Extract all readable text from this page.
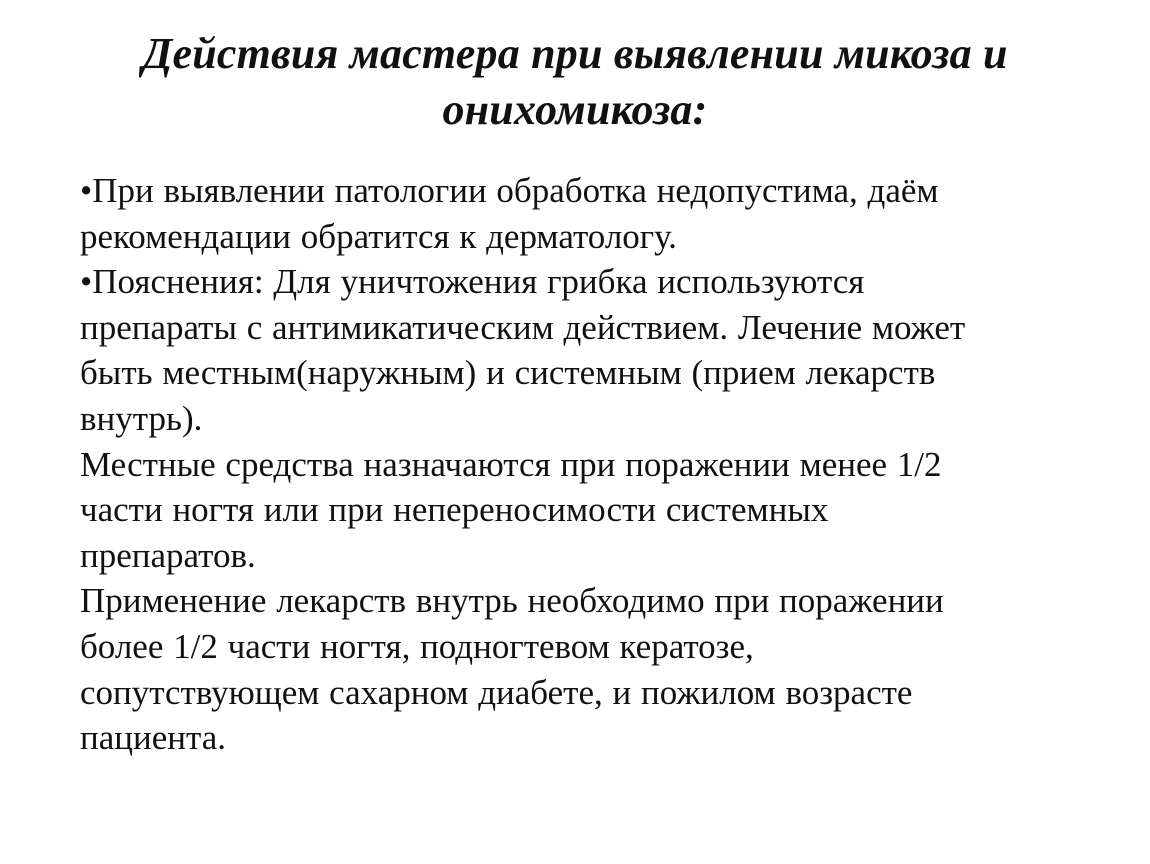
Действия мастера при выявлении микоза и
онихомикоза:
•При выявлении патологии обработка недопустима, даём
рекомендации обратится к дерматологу.
•Пояснения: Для уничтожения грибка используются
препараты с антимикатическим действием. Лечение может
быть местным(наружным) и системным (прием лекарств
внутрь).
Местные средства назначаются при поражении менее 1/2
части ногтя или при непереносимости системных
препаратов.
Применение лекарств внутрь необходимо при поражении
более 1/2 части ногтя, подногтевом кератозе,
сопутствующем сахарном диабете, и пожилом возрасте
пациента.
